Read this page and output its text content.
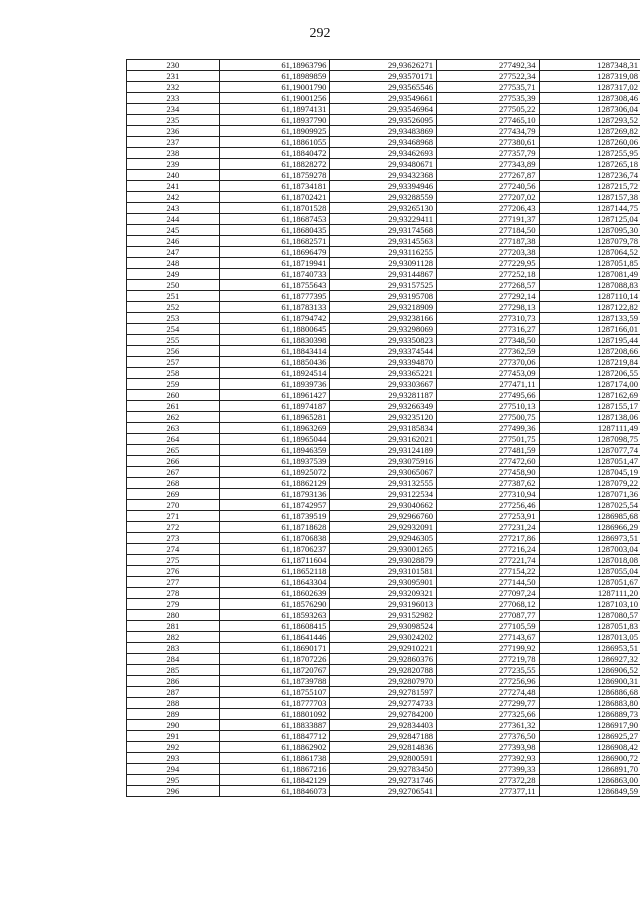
292
230	61,18963796	29,93626271	277492,34	1287348,31
231	61,18989859	29,93570171	277522,34	1287319,08
232	61,19001790	29,93565546	277535,71	1287317,02
233	61,19001256	29,93549661	277535,39	1287308,46
234	61,18974131	29,93546964	277505,22	1287306,04
235	61,18937790	29,93526095	277465,10	1287293,52
236	61,18909925	29,93483869	277434,79	1287269,82
237	61,18861055	29,93468968	277380,61	1287260,06
238	61,18840472	29,93462693	277357,79	1287255,95
239	61,18828272	29,93480671	277343,89	1287265,18
240	61,18759278	29,93432368	277267,87	1287236,74
241	61,18734181	29,93394946	277240,56	1287215,72
242	61,18702421	29,93288559	277207,02	1287157,38
243	61,18701528	29,93265130	277206,43	1287144,75
244	61,18687453	29,93229411	277191,37	1287125,04
245	61,18680435	29,93174568	277184,50	1287095,30
246	61,18682571	29,93145563	277187,38	1287079,78
247	61,18696479	29,93116255	277203,38	1287064,52
248	61,18719941	29,93091128	277229,95	1287051,85
249	61,18740733	29,93144867	277252,18	1287081,49
250	61,18755643	29,93157525	277268,57	1287088,83
251	61,18777395	29,93195708	277292,14	1287110,14
252	61,18783133	29,93218909	277298,13	1287122,82
253	61,18794742	29,93238166	277310,73	1287133,59
254	61,18800645	29,93298069	277316,27	1287166,01
255	61,18830398	29,93350823	277348,50	1287195,44
256	61,18843414	29,93374544	277362,59	1287208,66
257	61,18850436	29,93394870	277370,06	1287219,84
258	61,18924514	29,93365221	277453,09	1287206,55
259	61,18939736	29,93303667	277471,11	1287174,00
260	61,18961427	29,93281187	277495,66	1287162,69
261	61,18974187	29,93266349	277510,13	1287155,17
262	61,18965281	29,93235120	277500,75	1287138,06
263	61,18963269	29,93185834	277499,36	1287111,49
264	61,18965044	29,93162021	277501,75	1287098,75
265	61,18946359	29,93124189	277481,59	1287077,74
266	61,18937539	29,93075916	277472,60	1287051,47
267	61,18925072	29,93065067	277458,90	1287045,19
268	61,18862129	29,93132555	277387,62	1287079,22
269	61,18793136	29,93122534	277310,94	1287071,36
270	61,18742957	29,93040662	277256,46	1287025,54
271	61,18739519	29,92966760	277253,91	1286985,68
272	61,18718628	29,92932091	277231,24	1286966,29
273	61,18706838	29,92946305	277217,86	1286973,51
274	61,18706237	29,93001265	277216,24	1287003,04
275	61,18711604	29,93028879	277221,74	1287018,08
276	61,18652118	29,93101581	277154,22	1287055,04
277	61,18643304	29,93095901	277144,50	1287051,67
278	61,18602639	29,93209321	277097,24	1287111,20
279	61,18576290	29,93196013	277068,12	1287103,10
280	61,18593263	29,93152982	277087,77	1287080,57
281	61,18608415	29,93098524	277105,59	1287051,83
282	61,18641446	29,93024202	277143,67	1287013,05
283	61,18690171	29,92910221	277199,92	1286953,51
284	61,18707226	29,92860376	277219,78	1286927,32
285	61,18720767	29,92820788	277235,55	1286906,52
286	61,18739788	29,92807970	277256,96	1286900,31
287	61,18755107	29,92781597	277274,48	1286886,68
288	61,18777703	29,92774733	277299,77	1286883,80
289	61,18801092	29,92784200	277325,66	1286889,73
290	61,18833887	29,92834403	277361,32	1286917,90
291	61,18847712	29,92847188	277376,50	1286925,27
292	61,18862902	29,92814836	277393,98	1286908,42
293	61,18861738	29,92800591	277392,93	1286900,72
294	61,18867216	29,92783450	277399,33	1286891,70
295	61,18842129	29,92731746	277372,28	1286863,00
296	61,18846073	29,92706541	277377,11	1286849,59
